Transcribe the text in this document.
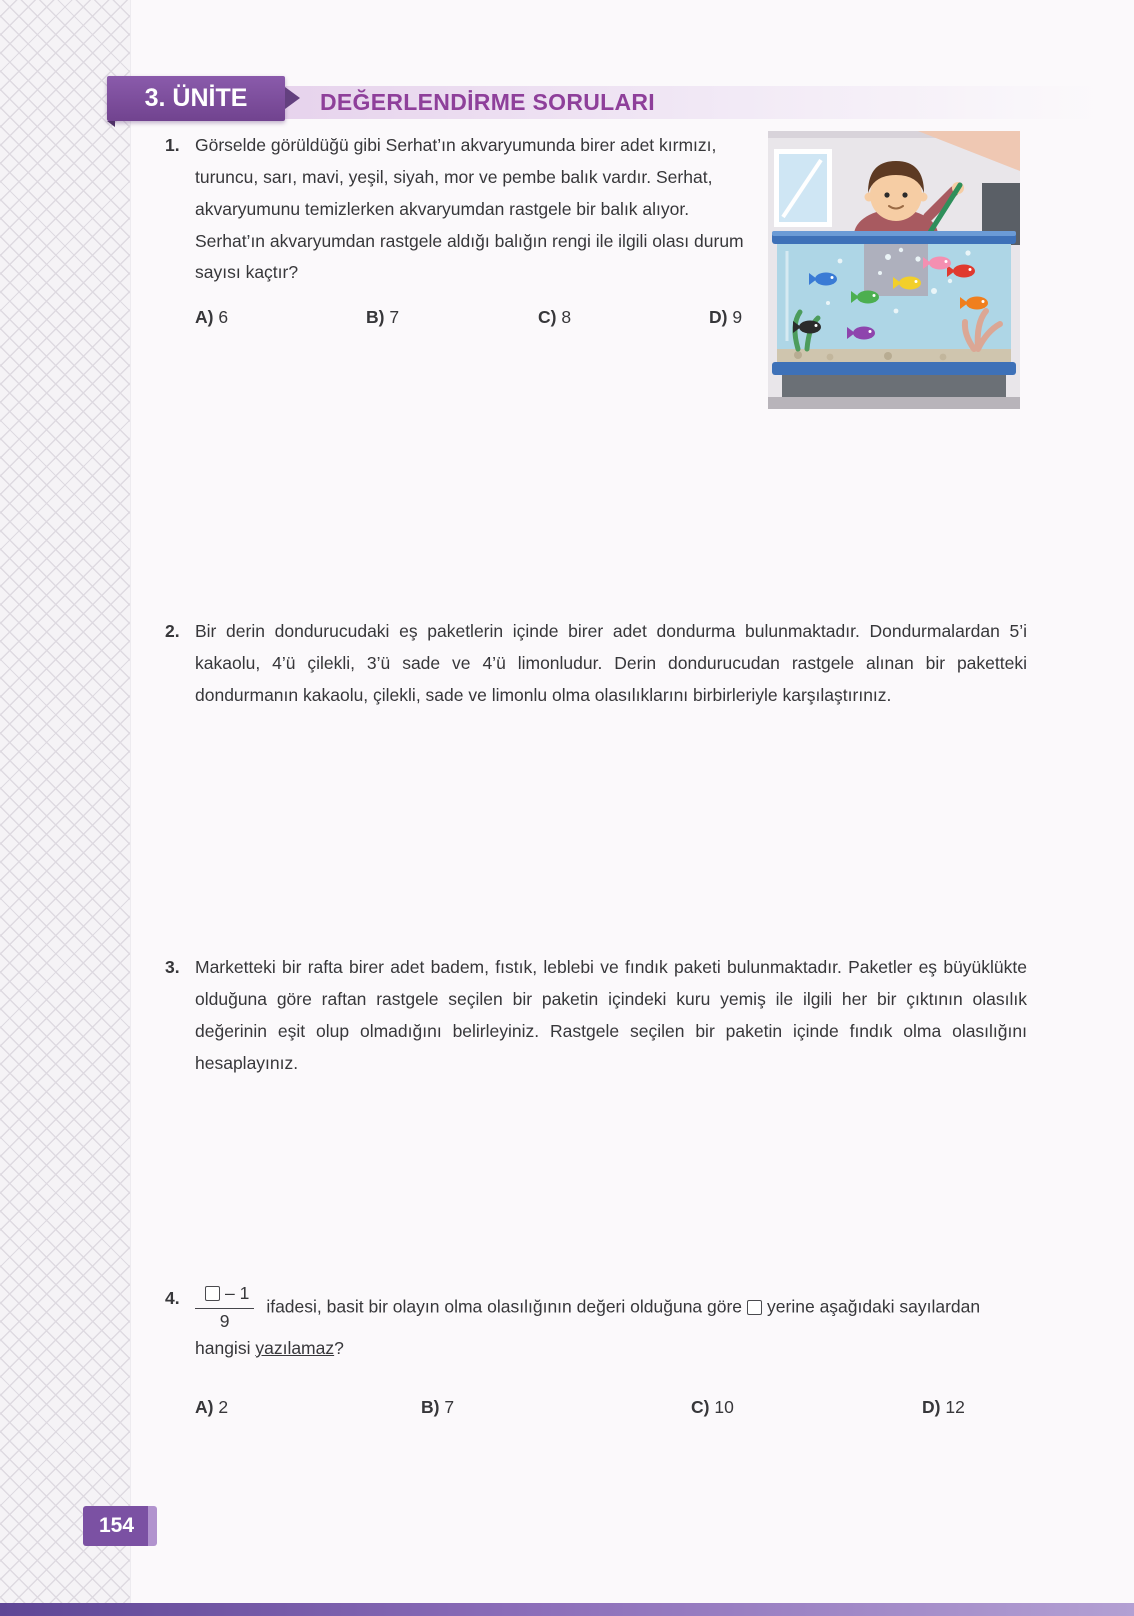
DEĞERLENDİRME SORULARI
3. ÜNİTE
1. Görselde görüldüğü gibi Serhat’ın akvaryumunda birer adet kırmızı, turuncu, sarı, mavi, yeşil, siyah, mor ve pembe balık vardır. Serhat, akvaryumunu temizlerken akvaryumdan rastgele bir balık alıyor. Serhat’ın akvaryumdan rastgele aldığı balığın rengi ile ilgili olası durum sayısı kaçtır?

A) 6	B) 7	C) 8	D) 9
2. Bir derin dondurucudaki eş paketlerin içinde birer adet dondurma bulunmaktadır. Dondurmalardan 5’i kakaolu, 4’ü çilekli, 3’ü sade ve 4’ü limonludur. Derin dondurucudan rastgele alınan bir paketteki dondurmanın kakaolu, çilekli, sade ve limonlu olma olasılıklarını birbirleriyle karşılaştırınız.

3. Marketteki bir rafta birer adet badem, fıstık, leblebi ve fındık paketi bulunmaktadır. Paketler eş büyüklükte olduğuna göre raftan rastgele seçilen bir paketin içindeki kuru yemiş ile ilgili her bir çıktının olasılık değerinin eşit olup olmadığını belirleyiniz. Rastgele seçilen bir paketin içinde fındık olma olasılığını hesaplayınız.

4. $\frac{- 1}{9}$ ifadesi, basit bir olayın olma olasılığının değeri olduğuna göre yerine aşağıdaki sayılardan hangisi yazılamaz?

A) 2	B) 7	C) 10	D) 12
154
